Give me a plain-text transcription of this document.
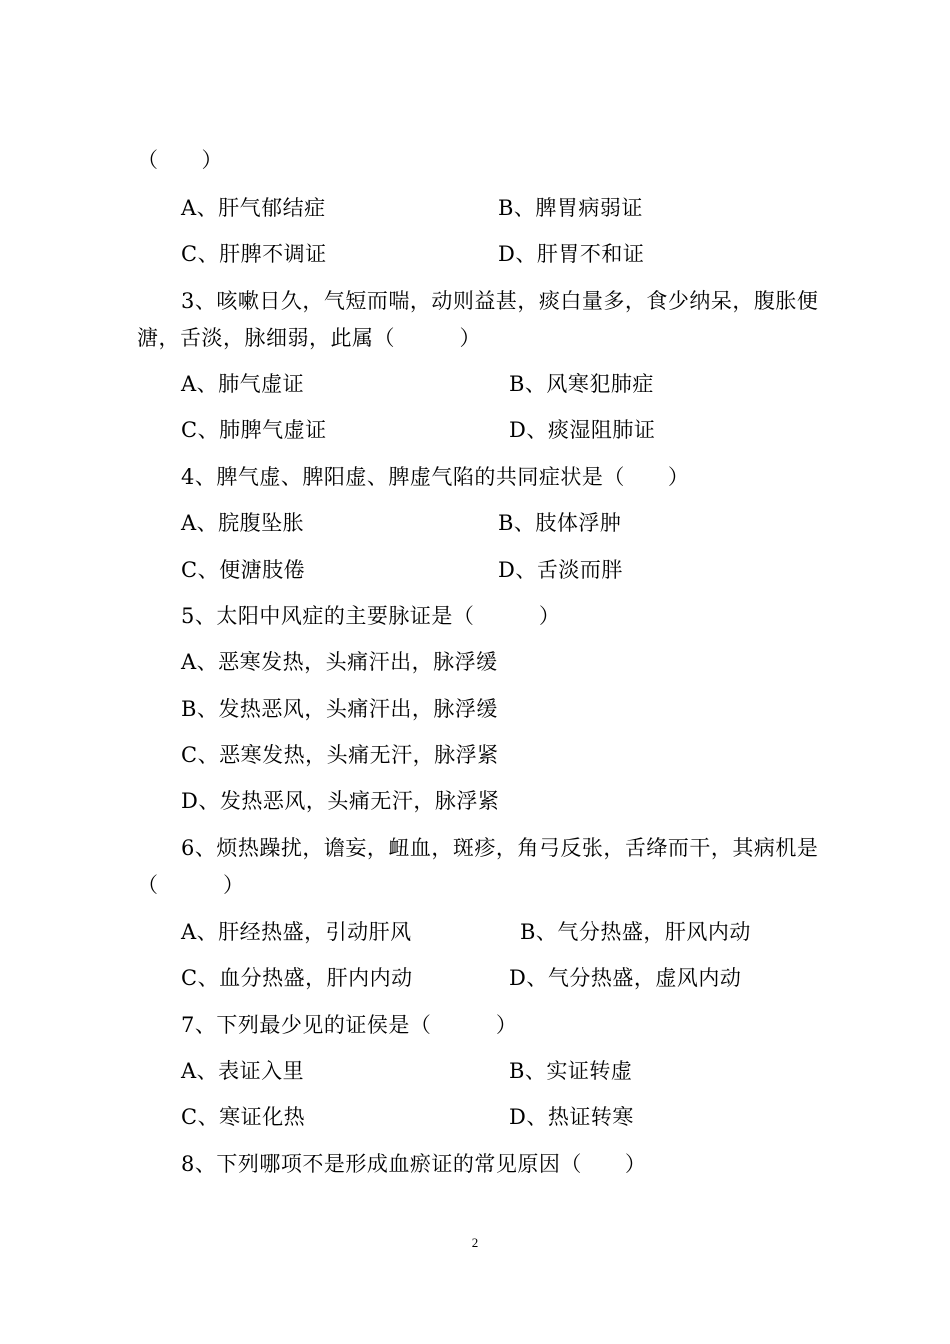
（　　）
A、肝气郁结症	B、脾胃病弱证
C、肝脾不调证	D、肝胃不和证
3、咳嗽日久，气短而喘，动则益甚，痰白量多，食少纳呆，腹胀便
溏，舌淡，脉细弱，此属（　　　）
A、肺气虚证	B、风寒犯肺症
C、肺脾气虚证	D、痰湿阻肺证
4、脾气虚、脾阳虚、脾虚气陷的共同症状是（　　）
A、脘腹坠胀	B、肢体浮肿
C、便溏肢倦	D、舌淡而胖
5、太阳中风症的主要脉证是（　　　）
A、恶寒发热，头痛汗出，脉浮缓
B、发热恶风，头痛汗出，脉浮缓
C、恶寒发热，头痛无汗，脉浮紧
D、发热恶风，头痛无汗，脉浮紧
6、烦热躁扰，谵妄，衄血，斑疹，角弓反张，舌绛而干，其病机是
（　　　）
A、肝经热盛，引动肝风	B、气分热盛，肝风内动
C、血分热盛，肝内内动	D、气分热盛，虚风内动
7、下列最少见的证侯是（　　　）
A、表证入里	B、实证转虚
C、寒证化热	D、热证转寒
8、下列哪项不是形成血瘀证的常见原因（　　）
2
